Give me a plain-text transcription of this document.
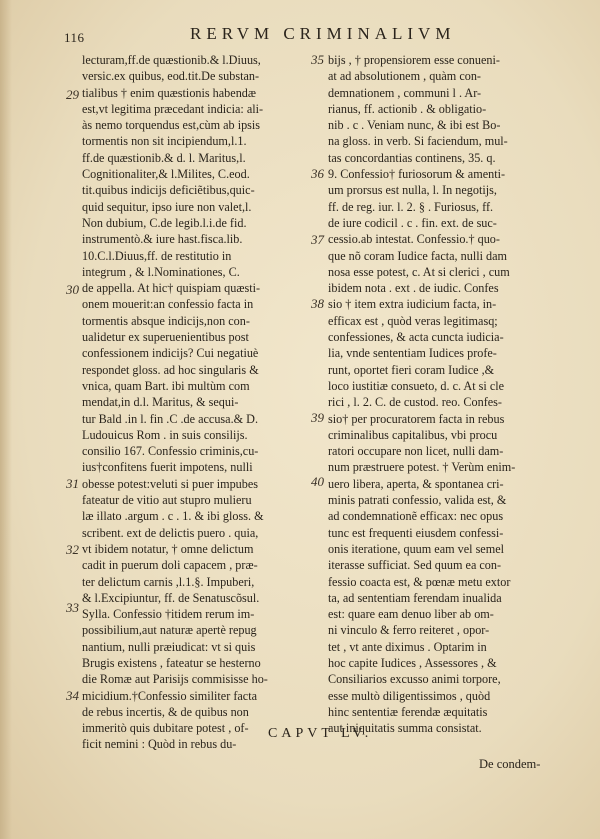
116	RERVM CRIMINALIVM
lecturam,ff.de quæstionib.& l.Diuus,
versic.ex quibus, eod.tit.De substan-
tialibus † enim quæstionis habendæ
est,vt legitima præcedant indicia: ali-
às nemo torquendus est,cùm ab ipsis
tormentis non sit incipiendum,l.1.
ff.de quæstionib.& d. l. Maritus,l.
Cognitionaliter,& l.Milites, C.eod.
tit.quibus indicijs deficiẽtibus,quic-
quid sequitur, ipso iure non valet,l.
Non dubium, C.de legib.l.i.de fid.
instrumentò.& iure hast.fisca.lib.
10.C.l.Diuus,ff. de restitutio in
integrum , & l.Nominationes, C.
de appella. At hic† quispiam quæsti-
onem mouerit:an confessio facta in
tormentis absque indicijs,non con-
ualidetur ex superuenientibus post
confessionem indicijs? Cui negatiuè
respondet gloss. ad hoc singularis &
vnica, quam Bart. ibi multùm com
mendat,in d.l. Maritus, & sequi-
tur Bald .in l. fin .C .de accusa.& D.
Ludouicus Rom . in suis consilijs.
consilio 167. Confessio criminis,cu-
ius†confitens fuerit impotens, nulli
obesse potest:veluti si puer impubes
fateatur de vitio aut stupro mulieru
læ illato .argum . c . 1. & ibi gloss. &
scribent. ext de delictis puero . quia,
vt ibidem notatur, † omne delictum
cadit in puerum doli capacem , præ-
ter delictum carnis ,l.1.§. Impuberi,
& l.Excipiuntur, ff. de Senatuscõsul.
Sylla. Confessio †itidem rerum im-
possibilium,aut naturæ apertè repug
nantium, nulli præiudicat: vt si quis
Brugis existens , fateatur se hesterno
die Romæ aut Parisijs commisisse ho-
micidium.†Confessio similiter facta
de rebus incertis, & de quibus non
immeritò quis dubitare potest , of-
ficit nemini : Quòd in rebus du-
bijs , † propensiorem esse conueni-
at ad absolutionem , quàm con-
demnationem , communi l . Ar-
rianus, ff. actionib . & obligatio-
nib . c . Veniam nunc, & ibi est Bo-
na gloss. in verb. Si faciendum, mul-
tas concordantias continens, 35. q.
9. Confessio† furiosorum & amenti-
um prorsus est nulla, l. In negotijs,
ff. de reg. iur. l. 2. § . Furiosus, ff.
de iure codicil . c . fin. ext. de suc-
cessio.ab intestat. Confessio.† quo-
que nõ coram Iudice facta, nulli dam
nosa esse potest, c. At si clerici , cum
ibidem nota . ext . de iudic. Confes
sio † item extra iudicium facta, in-
efficax est , quòd veras legitimasq;
confessiones, & acta cuncta iudicia-
lia, vnde sententiam Iudices profe-
runt, oportet fieri coram Iudice ,&
loco iustitiæ consueto, d. c. At si cle
rici , l. 2. C. de custod. reo. Confes-
sio† per procuratorem facta in rebus
criminalibus capitalibus, vbi procu
ratori occupare non licet, nulli dam-
num præstruere potest. † Verùm enim-
uero libera, aperta, & spontanea cri-
minis patrati confessio, valida est, &
ad condemnationẽ efficax: nec opus
tunc est frequenti eiusdem confessi-
onis iteratione, quum eam vel semel
iterasse sufficiat. Sed quum ea con-
fessio coacta est, & pœnæ metu extor
ta, ad sententiam ferendam inualida
est: quare eam denuo liber ab om-
ni vinculo & ferro reiteret , opor-
tet , vt ante diximus . Optarim in
hoc capite Iudices , Assessores , &
Consiliarios excusso animi torpore,
esse multò diligentissimos , quòd
hinc sententiæ ferendæ æquitatis
aut iniquitatis summa consistat.
35
36
37
38
39
40
29
30
31
32
33
34
CAPVT LV.
De condem-
